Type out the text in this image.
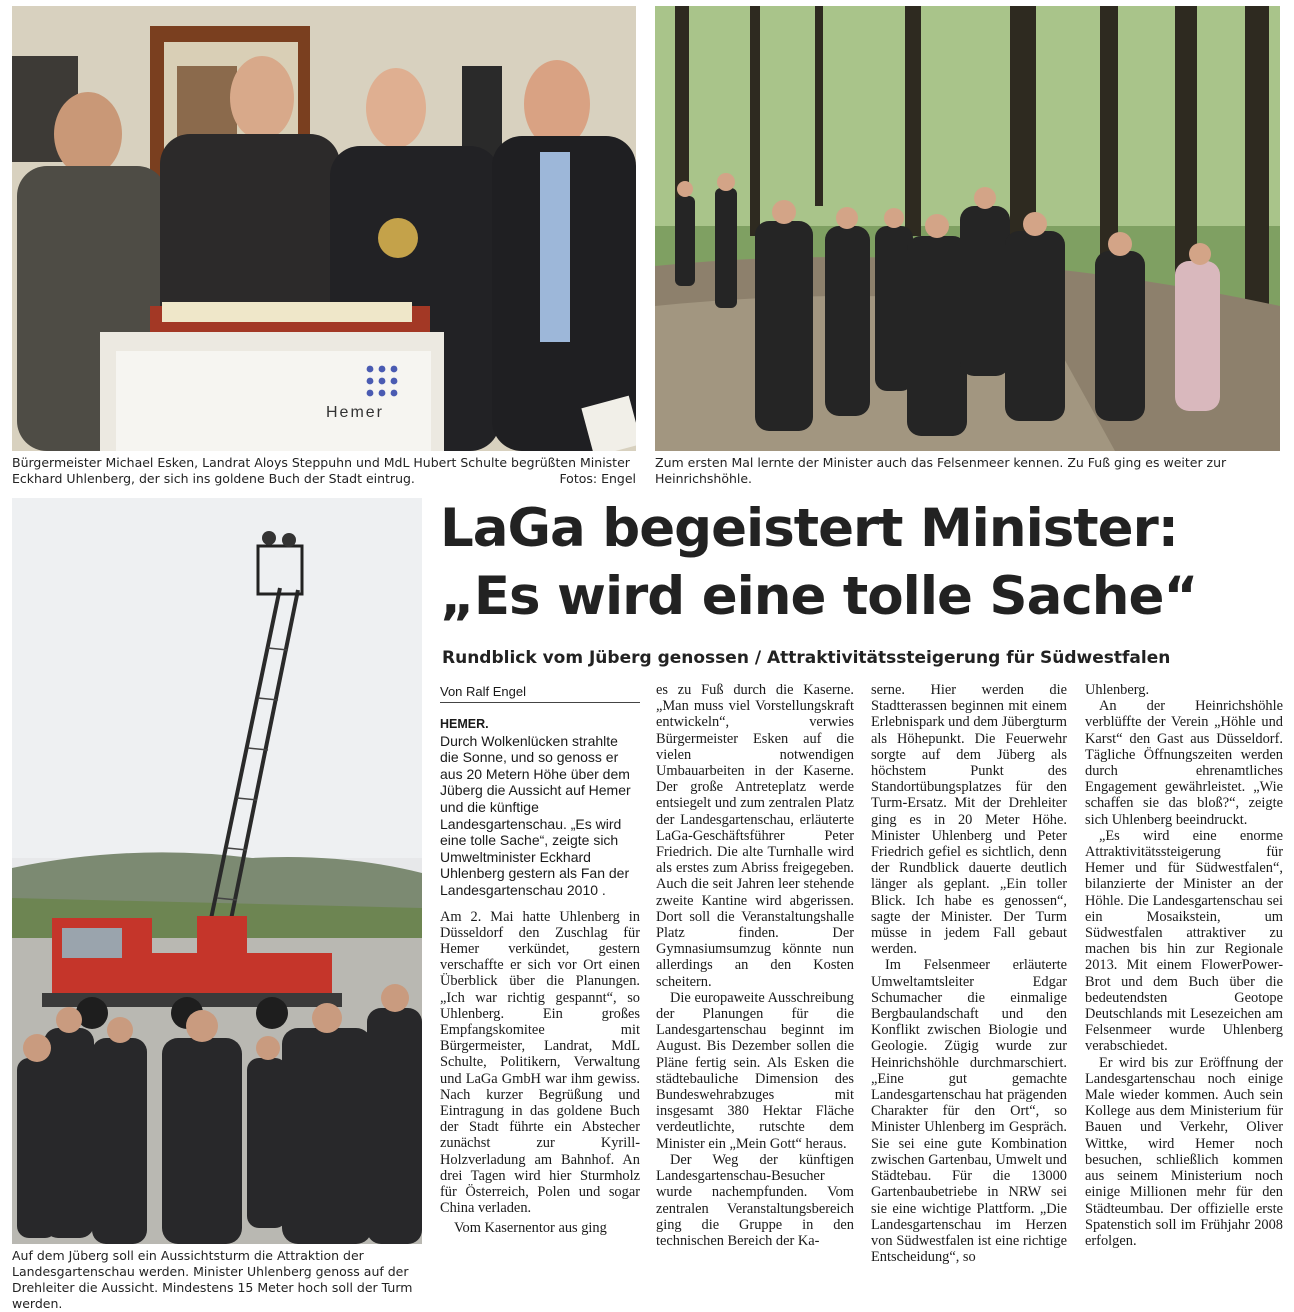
Hemer
Bürgermeister Michael Esken, Landrat Aloys Steppuhn und MdL Hubert Schulte begrüßten Minister Eckhard Uhlenberg, der sich ins goldene Buch der Stadt eintrug.	Fotos: Engel
Zum ersten Mal lernte der Minister auch das Felsenmeer kennen. Zu Fuß ging es weiter zur Heinrichshöhle.
Auf dem Jüberg soll ein Aussichtsturm die Attraktion der Landesgartenschau werden. Minister Uhlenberg genoss auf der Drehleiter die Aussicht. Mindestens 15 Meter hoch soll der Turm werden.
LaGa begeistert Minister:
„Es wird eine tolle Sache“
Rundblick vom Jüberg genossen / Attraktivitätssteigerung für Südwestfalen
Von Ralf Engel
HEMER.

Durch Wolkenlücken strahlte die Sonne, und so genoss er aus 20 Metern Höhe über dem Jüberg die Aussicht auf Hemer und die künftige Landesgartenschau. „Es wird eine tolle Sache“, zeigte sich Umweltminister Eckhard Uhlenberg gestern als Fan der Landesgartenschau 2010 .

Am 2. Mai hatte Uhlenberg in Düsseldorf den Zuschlag für Hemer verkündet, gestern verschaffte er sich vor Ort einen Überblick über die Planungen. „Ich war richtig gespannt“, so Uhlenberg. Ein großes Empfangskomitee mit Bürgermeister, Landrat, MdL Schulte, Politikern, Verwaltung und LaGa GmbH war ihm gewiss. Nach kurzer Begrüßung und Eintragung in das goldene Buch der Stadt führte ein Abstecher zunächst zur Kyrill-Holzverladung am Bahnhof. An drei Tagen wird hier Sturmholz für Österreich, Polen und sogar China verladen.

Vom Kasernentor aus ging

es zu Fuß durch die Kaserne. „Man muss viel Vorstellungskraft entwickeln“, verwies Bürgermeister Esken auf die vielen notwendigen Umbauarbeiten in der Kaserne. Der große Antreteplatz werde entsiegelt und zum zentralen Platz der Landesgartenschau, erläuterte LaGa-Geschäftsführer Peter Friedrich. Die alte Turnhalle wird als erstes zum Abriss freigegeben. Auch die seit Jahren leer stehende zweite Kantine wird abgerissen. Dort soll die Veranstaltungshalle Platz finden. Der Gymnasiumsumzug könnte nun allerdings an den Kosten scheitern.

Die europaweite Ausschreibung der Planungen für die Landesgartenschau beginnt im August. Bis Dezember sollen die Pläne fertig sein. Als Esken die städtebauliche Dimension des Bundeswehrabzuges mit insgesamt 380 Hektar Fläche verdeutlichte, rutschte dem Minister ein „Mein Gott“ heraus.

Der Weg der künftigen Landesgartenschau-Besucher wurde nachempfunden. Vom zentralen Veranstaltungsbereich ging die Gruppe in den technischen Bereich der Ka-

serne. Hier werden die Stadtterassen beginnen mit einem Erlebnispark und dem Jübergturm als Höhepunkt. Die Feuerwehr sorgte auf dem Jüberg als höchstem Punkt des Standortübungsplatzes für den Turm-Ersatz. Mit der Drehleiter ging es in 20 Meter Höhe. Minister Uhlenberg und Peter Friedrich gefiel es sichtlich, denn der Rundblick dauerte deutlich länger als geplant. „Ein toller Blick. Ich habe es genossen“, sagte der Minister. Der Turm müsse in jedem Fall gebaut werden.

Im Felsenmeer erläuterte Umweltamtsleiter Edgar Schumacher die einmalige Bergbaulandschaft und den Konflikt zwischen Biologie und Geologie. Zügig wurde zur Heinrichshöhle durchmarschiert. „Eine gut gemachte Landesgartenschau hat prägenden Charakter für den Ort“, so Minister Uhlenberg im Gespräch. Sie sei eine gute Kombination zwischen Gartenbau, Umwelt und Städtebau. Für die 13000 Gartenbaubetriebe in NRW sei sie eine wichtige Plattform. „Die Landesgartenschau im Herzen von Südwestfalen ist eine richtige Entscheidung“, so

Uhlenberg.

An der Heinrichshöhle verblüffte der Verein „Höhle und Karst“ den Gast aus Düsseldorf. Tägliche Öffnungszeiten werden durch ehrenamtliches Engagement gewährleistet. „Wie schaffen sie das bloß?“, zeigte sich Uhlenberg beeindruckt.

„Es wird eine enorme Attraktivitätssteigerung für Hemer und für Südwestfalen“, bilanzierte der Minister an der Höhle. Die Landesgartenschau sei ein Mosaikstein, um Südwestfalen attraktiver zu machen bis hin zur Regionale 2013. Mit einem FlowerPower-Brot und dem Buch über die bedeutendsten Geotope Deutschlands mit Lesezeichen am Felsenmeer wurde Uhlenberg verabschiedet.

Er wird bis zur Eröffnung der Landesgartenschau noch einige Male wieder kommen. Auch sein Kollege aus dem Ministerium für Bauen und Verkehr, Oliver Wittke, wird Hemer noch besuchen, schließlich kommen aus seinem Ministerium noch einige Millionen mehr für den Städteumbau. Der offizielle erste Spatenstich soll im Frühjahr 2008 erfolgen.
